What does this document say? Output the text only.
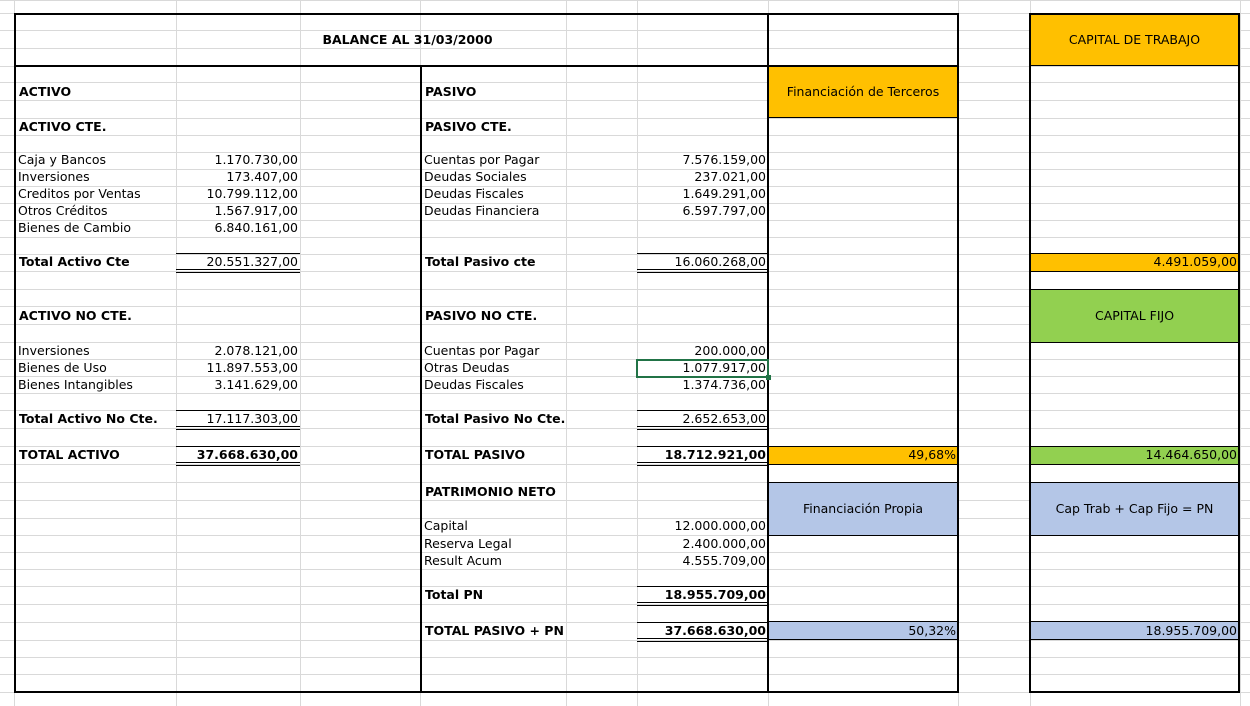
BALANCE AL 31/03/2000
ACTIVO
ACTIVO CTE.
Caja y Bancos	1.170.730,00
Inversiones	173.407,00
Creditos por Ventas	10.799.112,00
Otros Créditos	1.567.917,00
Bienes de Cambio	6.840.161,00
Total Activo Cte	20.551.327,00
ACTIVO NO CTE.
Inversiones	2.078.121,00
Bienes de Uso	11.897.553,00
Bienes Intangibles	3.141.629,00
Total Activo No Cte.	17.117.303,00
TOTAL ACTIVO	37.668.630,00
PASIVO
PASIVO CTE.
Cuentas por Pagar	7.576.159,00
Deudas Sociales	237.021,00
Deudas Fiscales	1.649.291,00
Deudas Financiera	6.597.797,00
Total Pasivo cte	16.060.268,00
PASIVO NO CTE.
Cuentas por Pagar	200.000,00
Otras Deudas	1.077.917,00
Deudas Fiscales	1.374.736,00
Total Pasivo No Cte.	2.652.653,00
TOTAL PASIVO	18.712.921,00
PATRIMONIO NETO
Capital	12.000.000,00
Reserva Legal	2.400.000,00
Result Acum	4.555.709,00
Total PN	18.955.709,00
TOTAL PASIVO + PN	37.668.630,00
Financiación de Terceros
49,68%
Financiación Propia
50,32%
CAPITAL DE TRABAJO
4.491.059,00
CAPITAL FIJO
14.464.650,00
Cap Trab + Cap Fijo = PN
18.955.709,00
